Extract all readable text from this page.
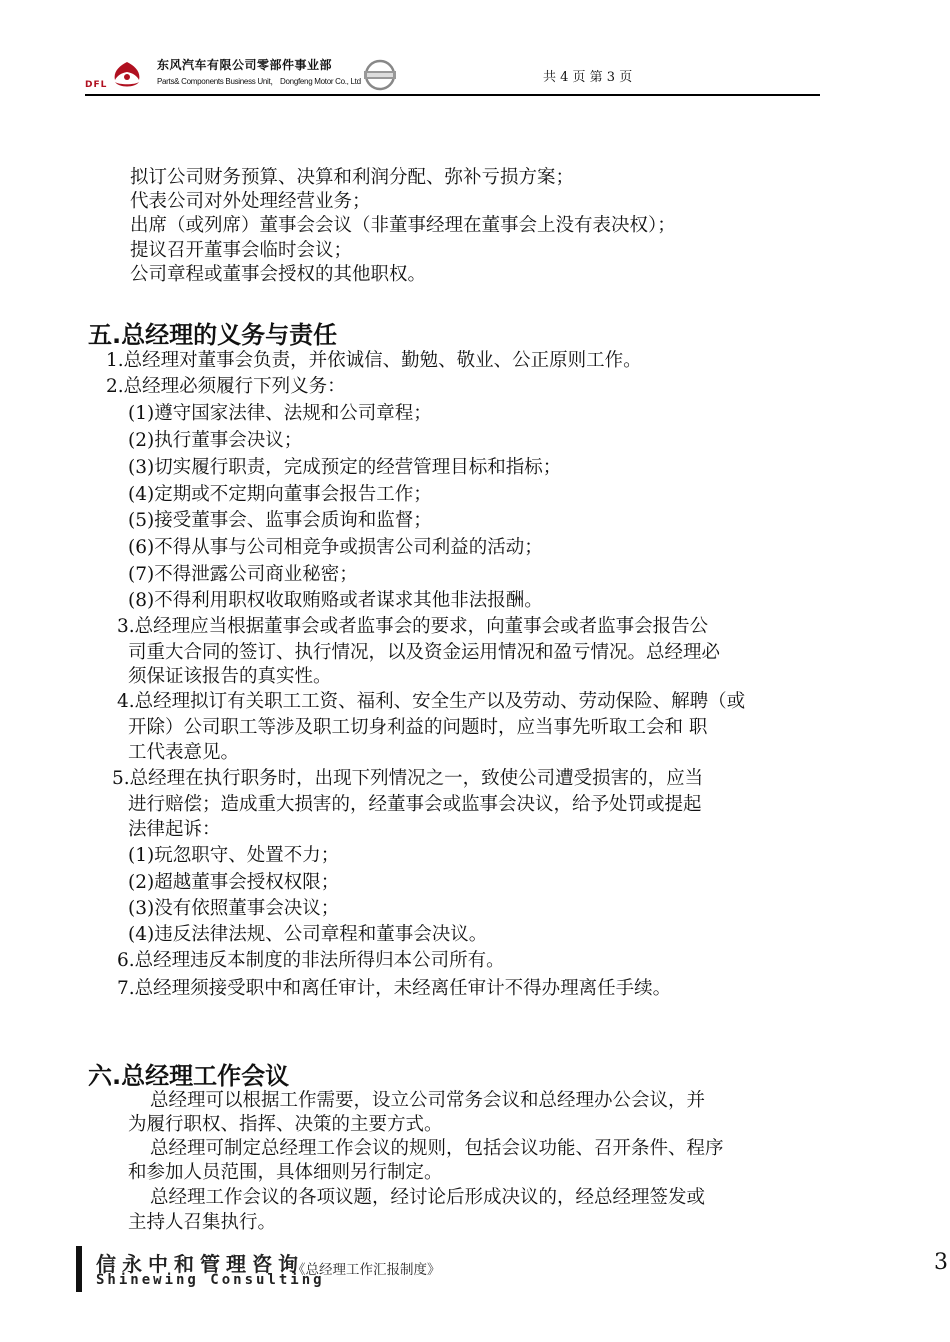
DFL
东风汽车有限公司零部件事业部
Parts& Components Business Unit， Dongfeng Motor Co., Ltd	共 4 页 第 3 页
拟订公司财务预算、决算和利润分配、弥补亏损方案；
代表公司对外处理经营业务；
出席（或列席）董事会会议（非董事经理在董事会上没有表决权）；
提议召开董事会临时会议；
公司章程或董事会授权的其他职权。
五.总经理的义务与责任
1.总经理对董事会负责，并依诚信、勤勉、敬业、公正原则工作。
2.总经理必须履行下列义务：
(1)遵守国家法律、法规和公司章程；
(2)执行董事会决议；
(3)切实履行职责，完成预定的经营管理目标和指标；
(4)定期或不定期向董事会报告工作；
(5)接受董事会、监事会质询和监督；
(6)不得从事与公司相竞争或损害公司利益的活动；
(7)不得泄露公司商业秘密；
(8)不得利用职权收取贿赂或者谋求其他非法报酬。
3.总经理应当根据董事会或者监事会的要求，向董事会或者监事会报告公
司重大合同的签订、执行情况，以及资金运用情况和盈亏情况。总经理必
须保证该报告的真实性。
4.总经理拟订有关职工工资、福利、安全生产以及劳动、劳动保险、解聘（或
开除）公司职工等涉及职工切身利益的问题时，应当事先听取工会和 职
工代表意见。
5.总经理在执行职务时，出现下列情况之一，致使公司遭受损害的，应当
进行赔偿；造成重大损害的，经董事会或监事会决议，给予处罚或提起
法律起诉：
(1)玩忽职守、处置不力；
(2)超越董事会授权权限；
(3)没有依照董事会决议；
(4)违反法律法规、公司章程和董事会决议。
6.总经理违反本制度的非法所得归本公司所有。
7.总经理须接受职中和离任审计，未经离任审计不得办理离任手续。
六.总经理工作会议
总经理可以根据工作需要，设立公司常务会议和总经理办公会议，并
为履行职权、指挥、决策的主要方式。
总经理可制定总经理工作会议的规则，包括会议功能、召开条件、程序
和参加人员范围，具体细则另行制定。
总经理工作会议的各项议题，经讨论后形成决议的，经总经理签发或
主持人召集执行。
信永中和管理咨询
Shinewing Consulting
《总经理工作汇报制度》	3
